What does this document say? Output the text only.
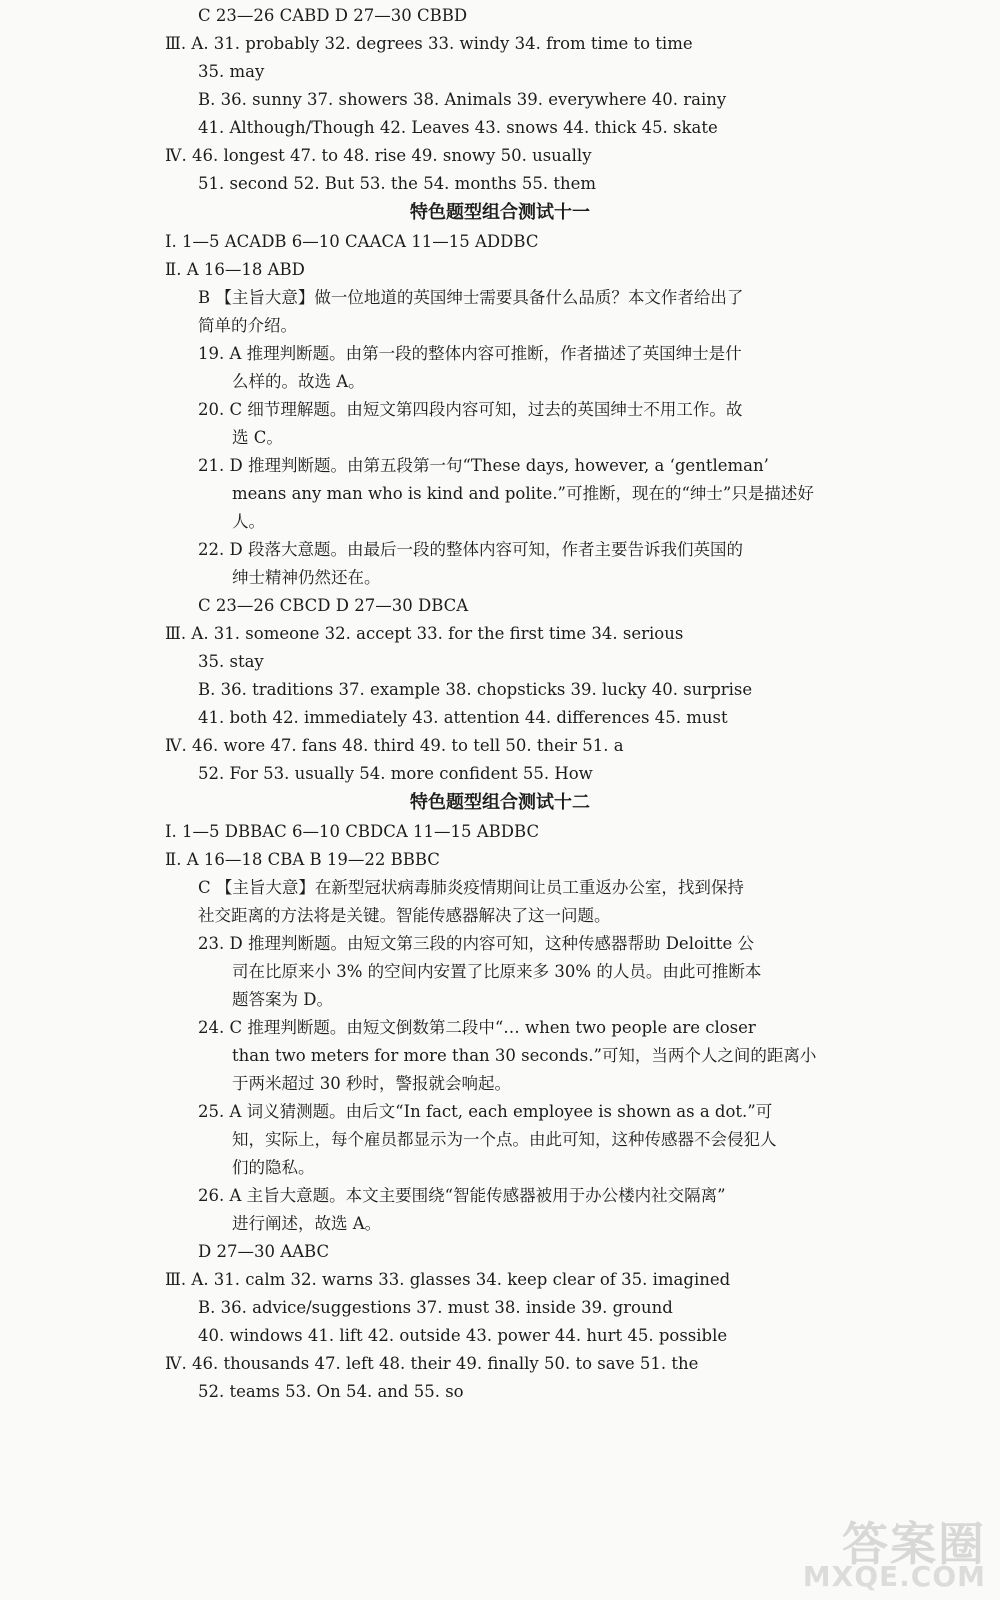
C 23—26 CABD D 27—30 CBBD
Ⅲ. A. 31. probably 32. degrees 33. windy 34. from time to time
35. may
B. 36. sunny 37. showers 38. Animals 39. everywhere 40. rainy
41. Although/Though 42. Leaves 43. snows 44. thick 45. skate
Ⅳ. 46. longest 47. to 48. rise 49. snowy 50. usually
51. second 52. But 53. the 54. months 55. them
特色题型组合测试十一
Ⅰ. 1—5 ACADB 6—10 CAACA 11—15 ADDBC
Ⅱ. A 16—18 ABD
B 【主旨大意】做一位地道的英国绅士需要具备什么品质？本文作者给出了
简单的介绍。
19. A 推理判断题。由第一段的整体内容可推断，作者描述了英国绅士是什
么样的。故选 A。
20. C 细节理解题。由短文第四段内容可知，过去的英国绅士不用工作。故
选 C。
21. D 推理判断题。由第五段第一句“These days, however, a ‘gentleman’
means any man who is kind and polite.”可推断，现在的“绅士”只是描述好
人。
22. D 段落大意题。由最后一段的整体内容可知，作者主要告诉我们英国的
绅士精神仍然还在。
C 23—26 CBCD D 27—30 DBCA
Ⅲ. A. 31. someone 32. accept 33. for the first time 34. serious
35. stay
B. 36. traditions 37. example 38. chopsticks 39. lucky 40. surprise
41. both 42. immediately 43. attention 44. differences 45. must
Ⅳ. 46. wore 47. fans 48. third 49. to tell 50. their 51. a
52. For 53. usually 54. more confident 55. How
特色题型组合测试十二
Ⅰ. 1—5 DBBAC 6—10 CBDCA 11—15 ABDBC
Ⅱ. A 16—18 CBA B 19—22 BBBC
C 【主旨大意】在新型冠状病毒肺炎疫情期间让员工重返办公室，找到保持
社交距离的方法将是关键。智能传感器解决了这一问题。
23. D 推理判断题。由短文第三段的内容可知，这种传感器帮助 Deloitte 公
司在比原来小 3% 的空间内安置了比原来多 30% 的人员。由此可推断本
题答案为 D。
24. C 推理判断题。由短文倒数第二段中“… when two people are closer
than two meters for more than 30 seconds.”可知，当两个人之间的距离小
于两米超过 30 秒时，警报就会响起。
25. A 词义猜测题。由后文“In fact, each employee is shown as a dot.”可
知，实际上，每个雇员都显示为一个点。由此可知，这种传感器不会侵犯人
们的隐私。
26. A 主旨大意题。本文主要围绕“智能传感器被用于办公楼内社交隔离”
进行阐述，故选 A。
D 27—30 AABC
Ⅲ. A. 31. calm 32. warns 33. glasses 34. keep clear of 35. imagined
B. 36. advice/suggestions 37. must 38. inside 39. ground
40. windows 41. lift 42. outside 43. power 44. hurt 45. possible
Ⅳ. 46. thousands 47. left 48. their 49. finally 50. to save 51. the
52. teams 53. On 54. and 55. so
答案圈
MXQE.COM
